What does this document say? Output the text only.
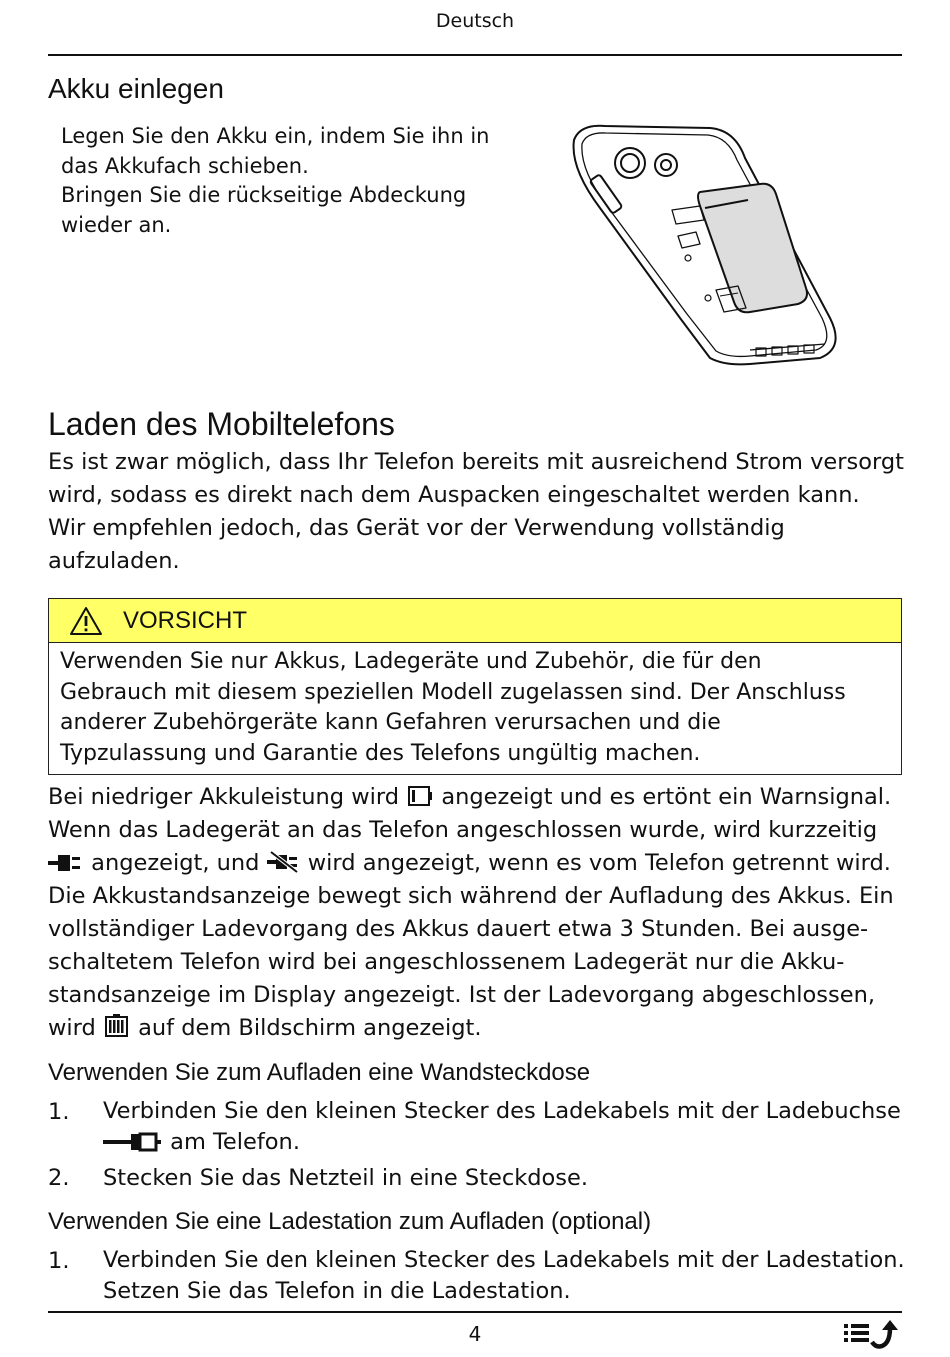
Deutsch
Akku einlegen
Legen Sie den Akku ein, indem Sie ihn in
das Akkufach schieben.
Bringen Sie die rückseitige Abdeckung
wieder an.
Laden des Mobiltelefons
Es ist zwar möglich, dass Ihr Telefon bereits mit ausreichend Strom versorgt
wird, sodass es direkt nach dem Auspacken eingeschaltet werden kann.
Wir empfehlen jedoch, das Gerät vor der Verwendung vollständig
aufzuladen.
VORSICHT
Verwenden Sie nur Akkus, Ladegeräte und Zubehör, die für den
Gebrauch mit diesem speziellen Modell zugelassen sind. Der Anschluss
anderer Zubehörgeräte kann Gefahren verursachen und die
Typzulassung und Garantie des Telefons ungültig machen.
Bei niedriger Akkuleistung wird angezeigt und es ertönt ein Warnsignal.
Wenn das Ladegerät an das Telefon angeschlossen wurde, wird kurzzeitig
angezeigt, und wird angezeigt, wenn es vom Telefon getrennt wird.
Die Akkustandsanzeige bewegt sich während der Aufladung des Akkus. Ein
vollständiger Ladevorgang des Akkus dauert etwa 3 Stunden. Bei ausge-
schaltetem Telefon wird bei angeschlossenem Ladegerät nur die Akku-
standsanzeige im Display angezeigt. Ist der Ladevorgang abgeschlossen,
wird auf dem Bildschirm angezeigt.
Verwenden Sie zum Aufladen eine Wandsteckdose
1.	Verbinden Sie den kleinen Stecker des Ladekabels mit der Ladebuchse
am Telefon.
2.	Stecken Sie das Netzteil in eine Steckdose.
Verwenden Sie eine Ladestation zum Aufladen (optional)
1.	Verbinden Sie den kleinen Stecker des Ladekabels mit der Ladestation.
Setzen Sie das Telefon in die Ladestation.
4
